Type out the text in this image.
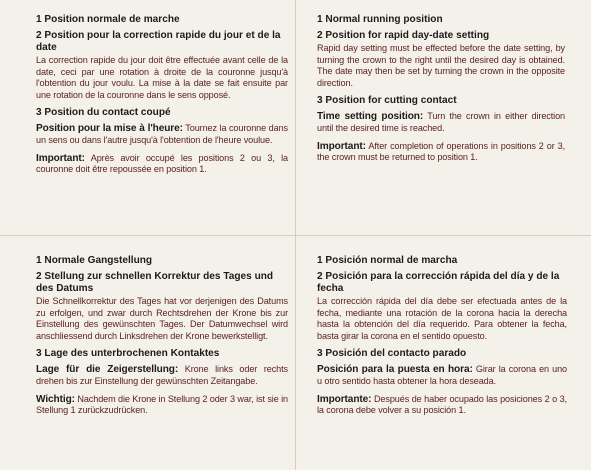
1 Position normale de marche
2 Position pour la correction rapide du jour et de la date
La correction rapide du jour doit être effectuée avant celle de la date, ceci par une rotation à droite de la couronne jusqu'à l'obtention du jour voulu. La mise à la date se fait ensuite par une rotation de la couronne dans le sens opposé.
3 Position du contact coupé
Position pour la mise à l'heure: Tournez la couronne dans un sens ou dans l'autre jusqu'à l'obtention de l'heure voulue.
Important: Après avoir occupé les positions 2 ou 3, la couronne doit être repoussée en position 1.
1 Normal running position
2 Position for rapid day-date setting
Rapid day setting must be effected before the date setting, by turning the crown to the right until the desired day is obtained. The date may then be set by turning the crown in the opposite direction.
3 Position for cutting contact
Time setting position: Turn the crown in either direction until the desired time is reached.
Important: After completion of operations in positions 2 or 3, the crown must be returned to position 1.
1 Normale Gangstellung
2 Stellung zur schnellen Korrektur des Tages und des Datums
Die Schnellkorrektur des Tages hat vor derjenigen des Datums zu erfolgen, und zwar durch Rechtsdrehen der Krone bis zur Einstellung des gewünschten Tages. Der Datumwechsel wird anschliessend durch Linksdrehen der Krone bewerkstelligt.
3 Lage des unterbrochenen Kontaktes
Lage für die Zeigerstellung: Krone links oder rechts drehen bis zur Einstellung der gewünschten Zeitangabe.
Wichtig: Nachdem die Krone in Stellung 2 oder 3 war, ist sie in Stellung 1 zurückzudrücken.
1 Posición normal de marcha
2 Posición para la corrección rápida del día y de la fecha
La corrección rápida del día debe ser efectuada antes de la fecha, mediante una rotación de la corona hacia la derecha hasta la obtención del día requerido. Para obtener la fecha, basta girar la corona en el sentido opuesto.
3 Posición del contacto parado
Posición para la puesta en hora: Girar la corona en uno u otro sentido hasta obtener la hora deseada.
Importante: Después de haber ocupado las posiciones 2 o 3, la corona debe volver a su posición 1.
